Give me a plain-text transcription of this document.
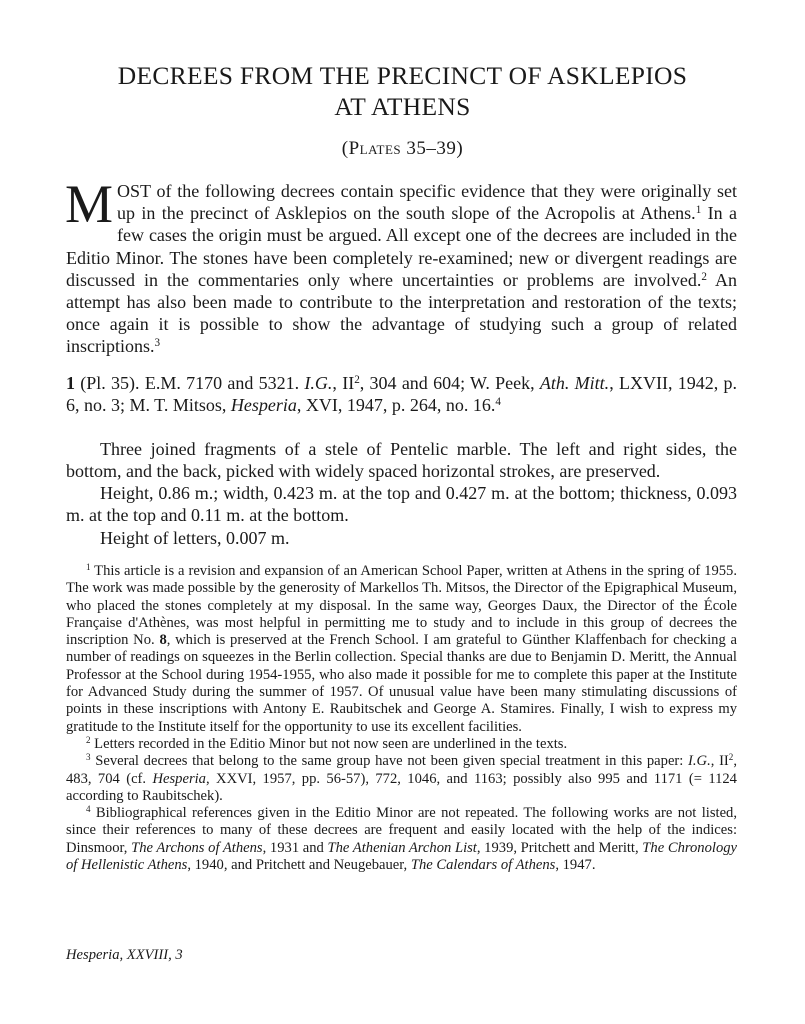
DECREES FROM THE PRECINCT OF ASKLEPIOS
AT ATHENS

(Plates 35–39)

MOST of the following decrees contain specific evidence that they were originally set up in the precinct of Asklepios on the south slope of the Acropolis at Athens.$^1$ In a few cases the origin must be argued. All except one of the decrees are included in the Editio Minor. The stones have been completely re-examined; new or divergent readings are discussed in the commentaries only where uncertainties or problems are involved.$^2$ An attempt has also been made to contribute to the interpretation and restoration of the texts; once again it is possible to show the advantage of studying such a group of related inscriptions.$^3$

1 (Pl. 35). E.M. 7170 and 5321. I.G., $II^2$, 304 and 604; W. Peek, Ath. Mitt., LXVII, 1942, p. 6, no. 3; M. T. Mitsos, Hesperia, XVI, 1947, p. 264, no. 16.$^4$

Three joined fragments of a stele of Pentelic marble. The left and right sides, the bottom, and the back, picked with widely spaced horizontal strokes, are preserved.

Height, 0.86 m.; width, 0.423 m. at the top and 0.427 m. at the bottom; thickness, 0.093 m. at the top and 0.11 m. at the bottom.

Height of letters, 0.007 m.

$^1$ This article is a revision and expansion of an American School Paper, written at Athens in the spring of 1955. The work was made possible by the generosity of Markellos Th. Mitsos, the Director of the Epigraphical Museum, who placed the stones completely at my disposal. In the same way, Georges Daux, the Director of the École Française d'Athènes, was most helpful in permitting me to study and to include in this group of decrees the inscription No. 8, which is preserved at the French School. I am grateful to Günther Klaffenbach for checking a number of readings on squeezes in the Berlin collection. Special thanks are due to Benjamin D. Meritt, the Annual Professor at the School during 1954-1955, who also made it possible for me to complete this paper at the Institute for Advanced Study during the summer of 1957. Of unusual value have been many stimulating discussions of points in these inscriptions with Antony E. Raubitschek and George A. Stamires. Finally, I wish to express my gratitude to the Institute itself for the opportunity to use its excellent facilities.

$^2$ Letters recorded in the Editio Minor but not now seen are underlined in the texts.

$^3$ Several decrees that belong to the same group have not been given special treatment in this paper: I.G., $II^2$, 483, 704 (cf. Hesperia, XXVI, 1957, pp. 56-57), 772, 1046, and 1163; possibly also 995 and 1171 (= 1124 according to Raubitschek).

$^4$ Bibliographical references given in the Editio Minor are not repeated. The following works are not listed, since their references to many of these decrees are frequent and easily located with the help of the indices: Dinsmoor, The Archons of Athens, 1931 and The Athenian Archon List, 1939, Pritchett and Meritt, The Chronology of Hellenistic Athens, 1940, and Pritchett and Neugebauer, The Calendars of Athens, 1947.

Hesperia, XXVIII, 3
